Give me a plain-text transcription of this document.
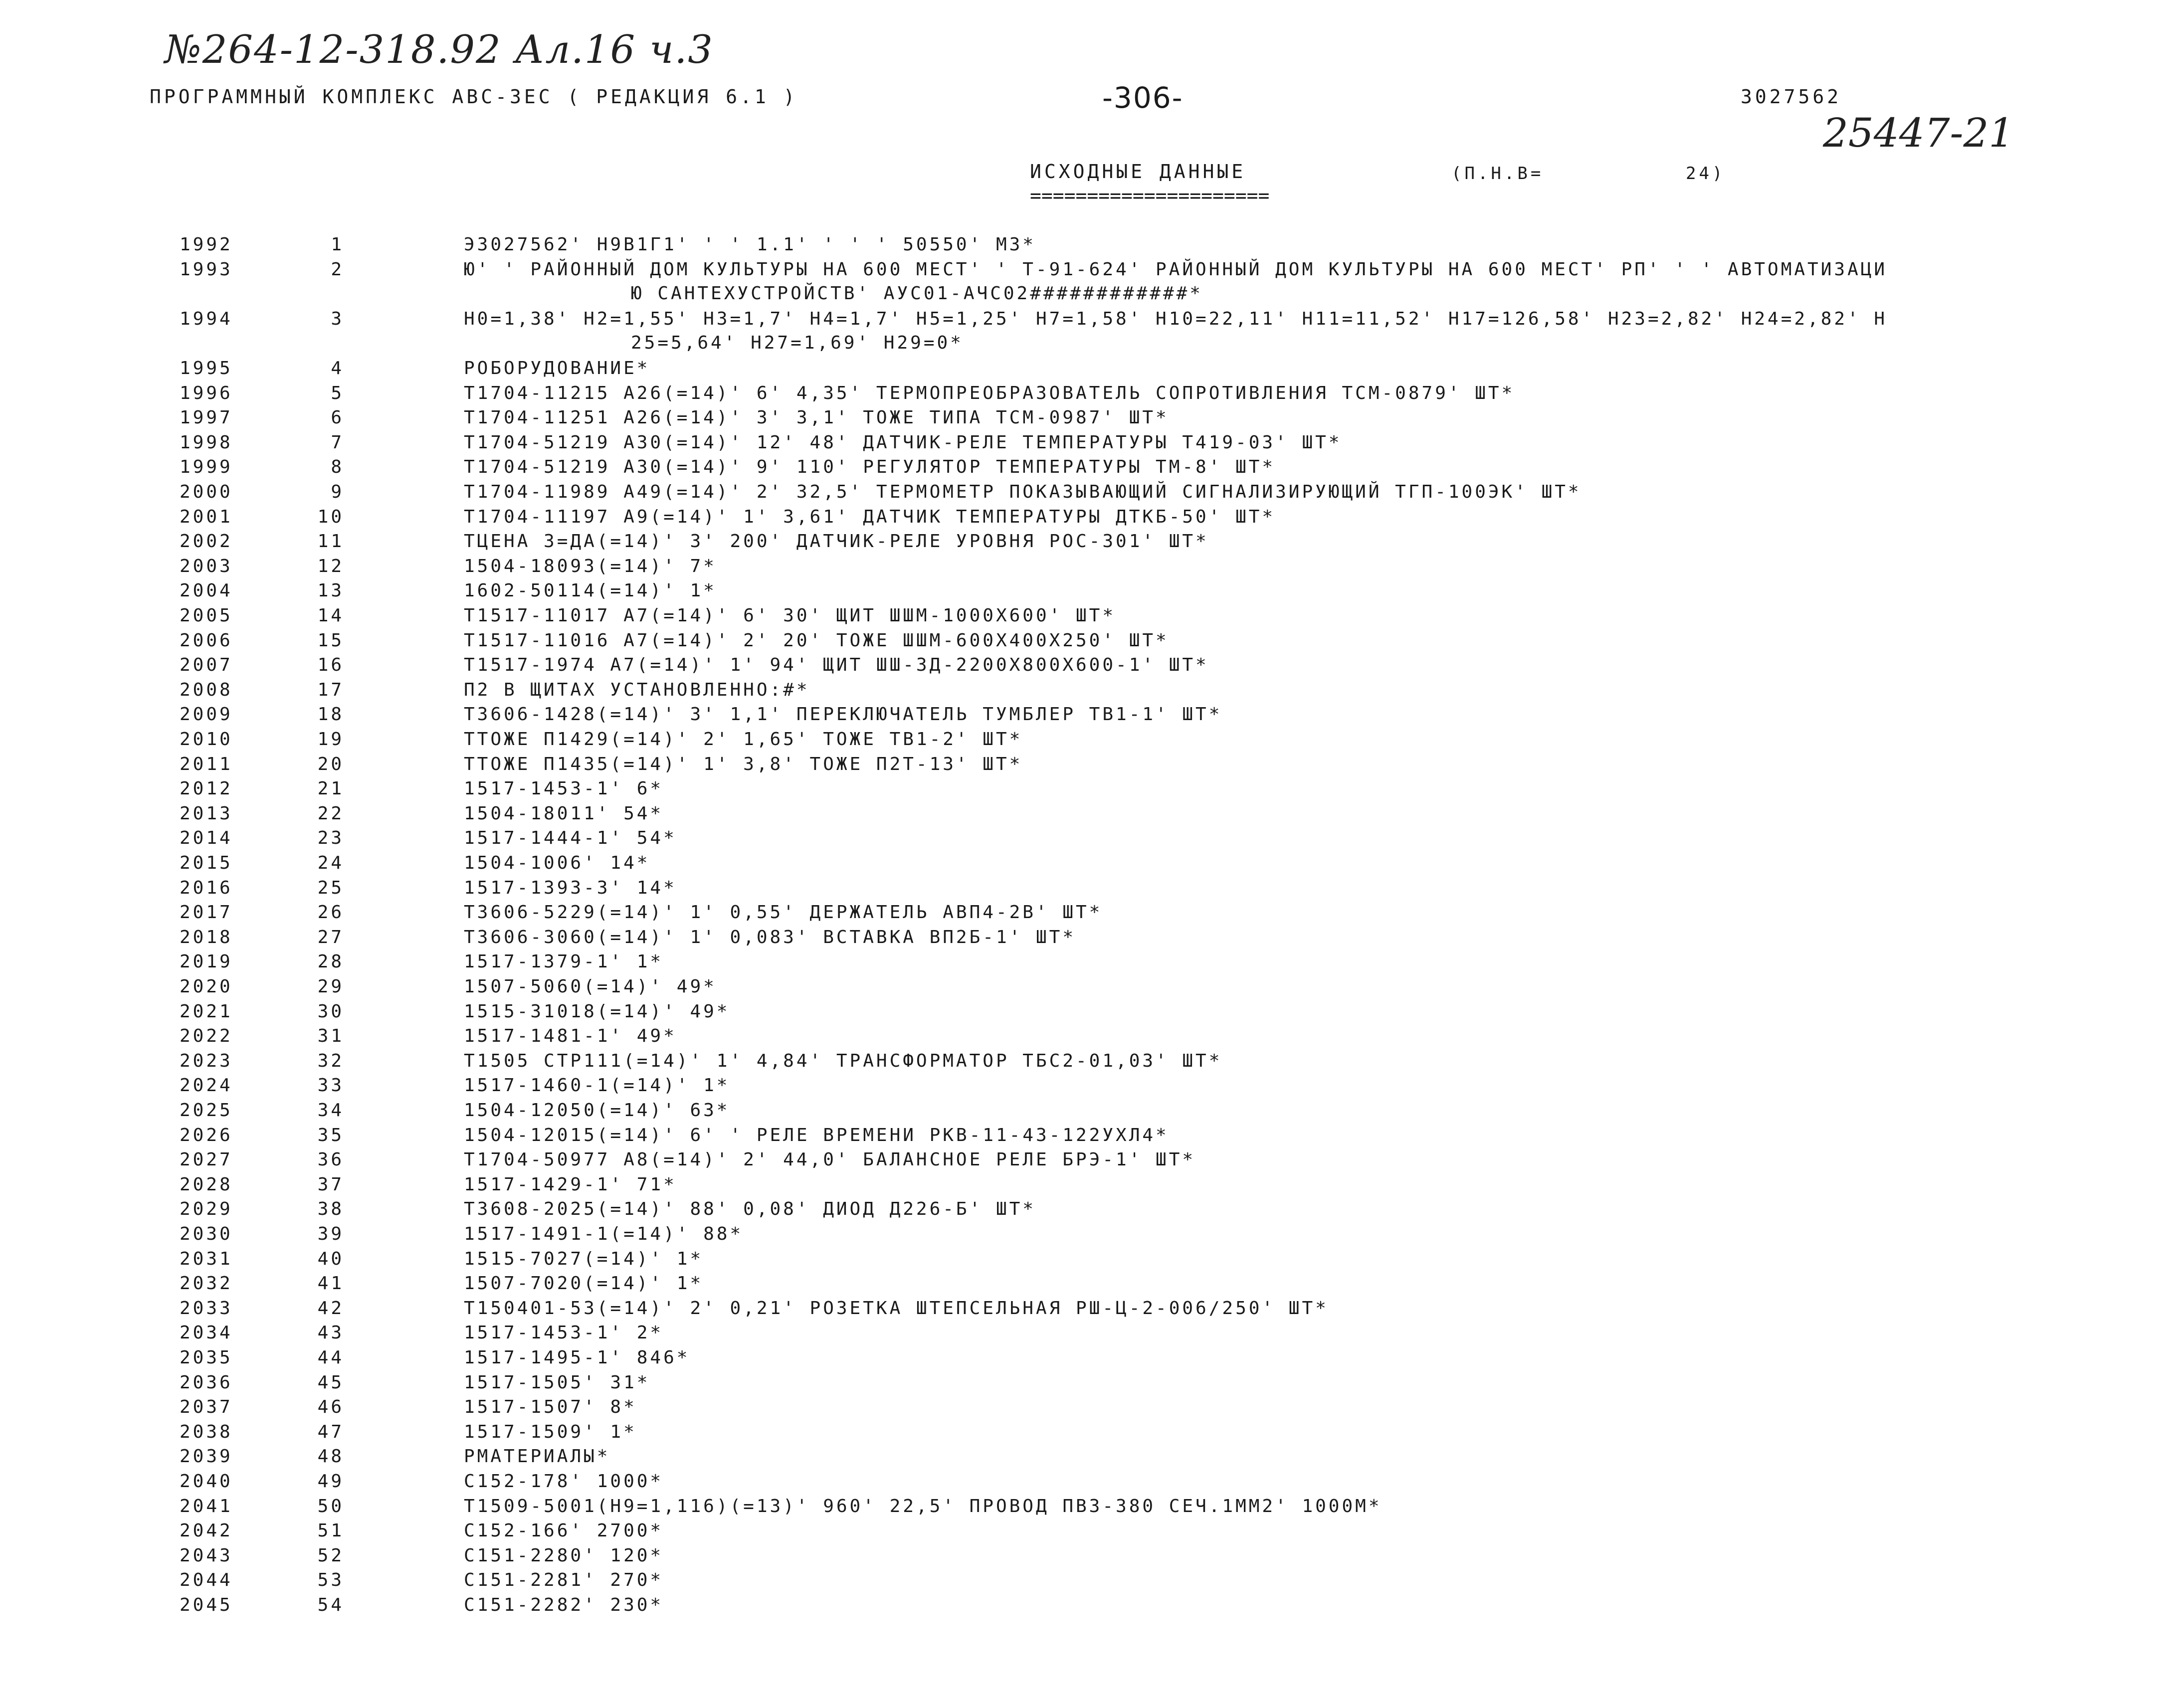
№264-12-318.92 Ал.16 ч.3
25447-21
ПРОГРАММНЫЙ КОМПЛЕКС АВС-ЗЕС ( РЕДАКЦИЯ 6.1 )	-306-	3027562
ИСХОДНЫЕ ДАННЫЕ
=====================
(П.Н.В=	24)
1992	1	Э3027562' Н9В1Г1' ' ' 1.1' ' ' ' 50550' МЗ*
1993	2	Ю' ' РАЙОННЫЙ ДОМ КУЛЬТУРЫ НА 600 МЕСТ' ' Т-91-624' РАЙОННЫЙ ДОМ КУЛЬТУРЫ НА 600 МЕСТ' РП' ' ' АВТОМАТИЗАЦИ
Ю САНТЕХУСТРОЙСТВ' АУС01-АЧС02############*
1994	3	Н0=1,38' Н2=1,55' Н3=1,7' Н4=1,7' Н5=1,25' Н7=1,58' Н10=22,11' Н11=11,52' Н17=126,58' Н23=2,82' Н24=2,82' Н
25=5,64' Н27=1,69' Н29=0*
1995	4	РОБОРУДОВАНИЕ*
1996	5	Т1704-11215 А26(=14)' 6' 4,35' ТЕРМОПРЕОБРАЗОВАТЕЛЬ СОПРОТИВЛЕНИЯ ТСМ-0879' ШТ*
1997	6	Т1704-11251 А26(=14)' 3' 3,1' ТОЖЕ ТИПА ТСМ-0987' ШТ*
1998	7	Т1704-51219 А30(=14)' 12' 48' ДАТЧИК-РЕЛЕ ТЕМПЕРАТУРЫ Т419-03' ШТ*
1999	8	Т1704-51219 А30(=14)' 9' 110' РЕГУЛЯТОР ТЕМПЕРАТУРЫ ТМ-8' ШТ*
2000	9	Т1704-11989 А49(=14)' 2' 32,5' ТЕРМОМЕТР ПОКАЗЫВАЮЩИЙ СИГНАЛИЗИРУЮЩИЙ ТГП-100ЭК' ШТ*
2001	10	Т1704-11197 А9(=14)' 1' 3,61' ДАТЧИК ТЕМПЕРАТУРЫ ДТКБ-50' ШТ*
2002	11	ТЦЕНА 3=ДА(=14)' 3' 200' ДАТЧИК-РЕЛЕ УРОВНЯ РОС-301' ШТ*
2003	12	1504-18093(=14)' 7*
2004	13	1602-50114(=14)' 1*
2005	14	Т1517-11017 А7(=14)' 6' 30' ЩИТ ШШМ-1000Х600' ШТ*
2006	15	Т1517-11016 А7(=14)' 2' 20' ТОЖЕ ШШМ-600Х400Х250' ШТ*
2007	16	Т1517-1974 А7(=14)' 1' 94' ЩИТ ШШ-3Д-2200Х800Х600-1' ШТ*
2008	17	П2 В ЩИТАХ УСТАНОВЛЕННО:#*
2009	18	Т3606-1428(=14)' 3' 1,1' ПЕРЕКЛЮЧАТЕЛЬ ТУМБЛЕР ТВ1-1' ШТ*
2010	19	ТТОЖЕ П1429(=14)' 2' 1,65' ТОЖЕ ТВ1-2' ШТ*
2011	20	ТТОЖЕ П1435(=14)' 1' 3,8' ТОЖЕ П2Т-13' ШТ*
2012	21	1517-1453-1' 6*
2013	22	1504-18011' 54*
2014	23	1517-1444-1' 54*
2015	24	1504-1006' 14*
2016	25	1517-1393-3' 14*
2017	26	Т3606-5229(=14)' 1' 0,55' ДЕРЖАТЕЛЬ АВП4-2В' ШТ*
2018	27	Т3606-3060(=14)' 1' 0,083' ВСТАВКА ВП2Б-1' ШТ*
2019	28	1517-1379-1' 1*
2020	29	1507-5060(=14)' 49*
2021	30	1515-31018(=14)' 49*
2022	31	1517-1481-1' 49*
2023	32	Т1505 СТР111(=14)' 1' 4,84' ТРАНСФОРМАТОР ТБС2-01,03' ШТ*
2024	33	1517-1460-1(=14)' 1*
2025	34	1504-12050(=14)' 63*
2026	35	1504-12015(=14)' 6' ' РЕЛЕ ВРЕМЕНИ РКВ-11-43-122УХЛ4*
2027	36	Т1704-50977 А8(=14)' 2' 44,0' БАЛАНСНОЕ РЕЛЕ БРЭ-1' ШТ*
2028	37	1517-1429-1' 71*
2029	38	Т3608-2025(=14)' 88' 0,08' ДИОД Д226-Б' ШТ*
2030	39	1517-1491-1(=14)' 88*
2031	40	1515-7027(=14)' 1*
2032	41	1507-7020(=14)' 1*
2033	42	Т150401-53(=14)' 2' 0,21' РОЗЕТКА ШТЕПСЕЛЬНАЯ РШ-Ц-2-006/250' ШТ*
2034	43	1517-1453-1' 2*
2035	44	1517-1495-1' 846*
2036	45	1517-1505' 31*
2037	46	1517-1507' 8*
2038	47	1517-1509' 1*
2039	48	РМАТЕРИАЛЫ*
2040	49	С152-178' 1000*
2041	50	Т1509-5001(Н9=1,116)(=13)' 960' 22,5' ПРОВОД ПВЗ-380 СЕЧ.1ММ2' 1000М*
2042	51	С152-166' 2700*
2043	52	С151-2280' 120*
2044	53	С151-2281' 270*
2045	54	С151-2282' 230*
